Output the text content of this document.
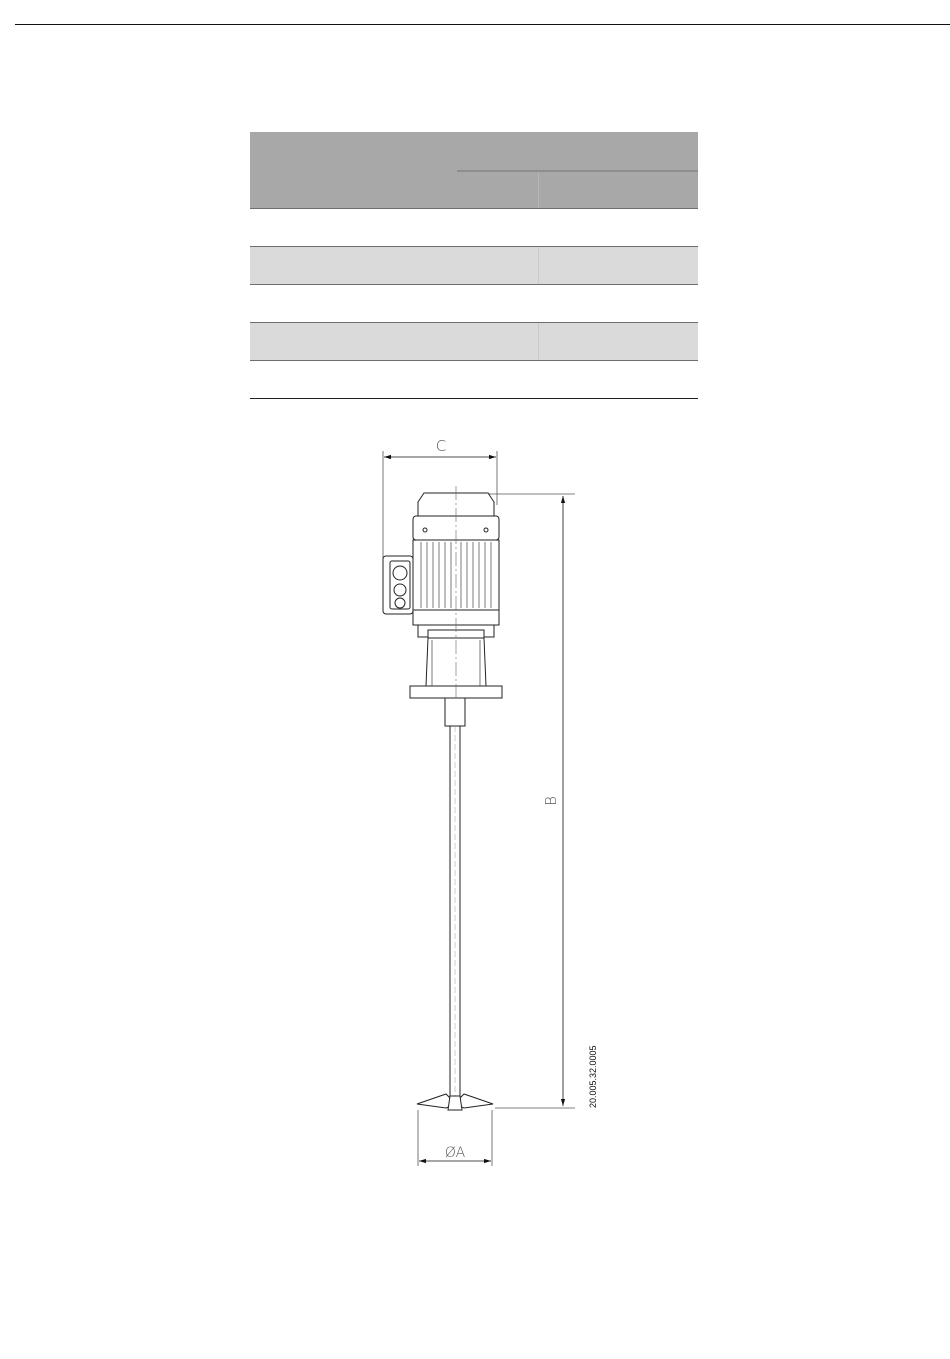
C
B
ØA
20.005.32.0005
